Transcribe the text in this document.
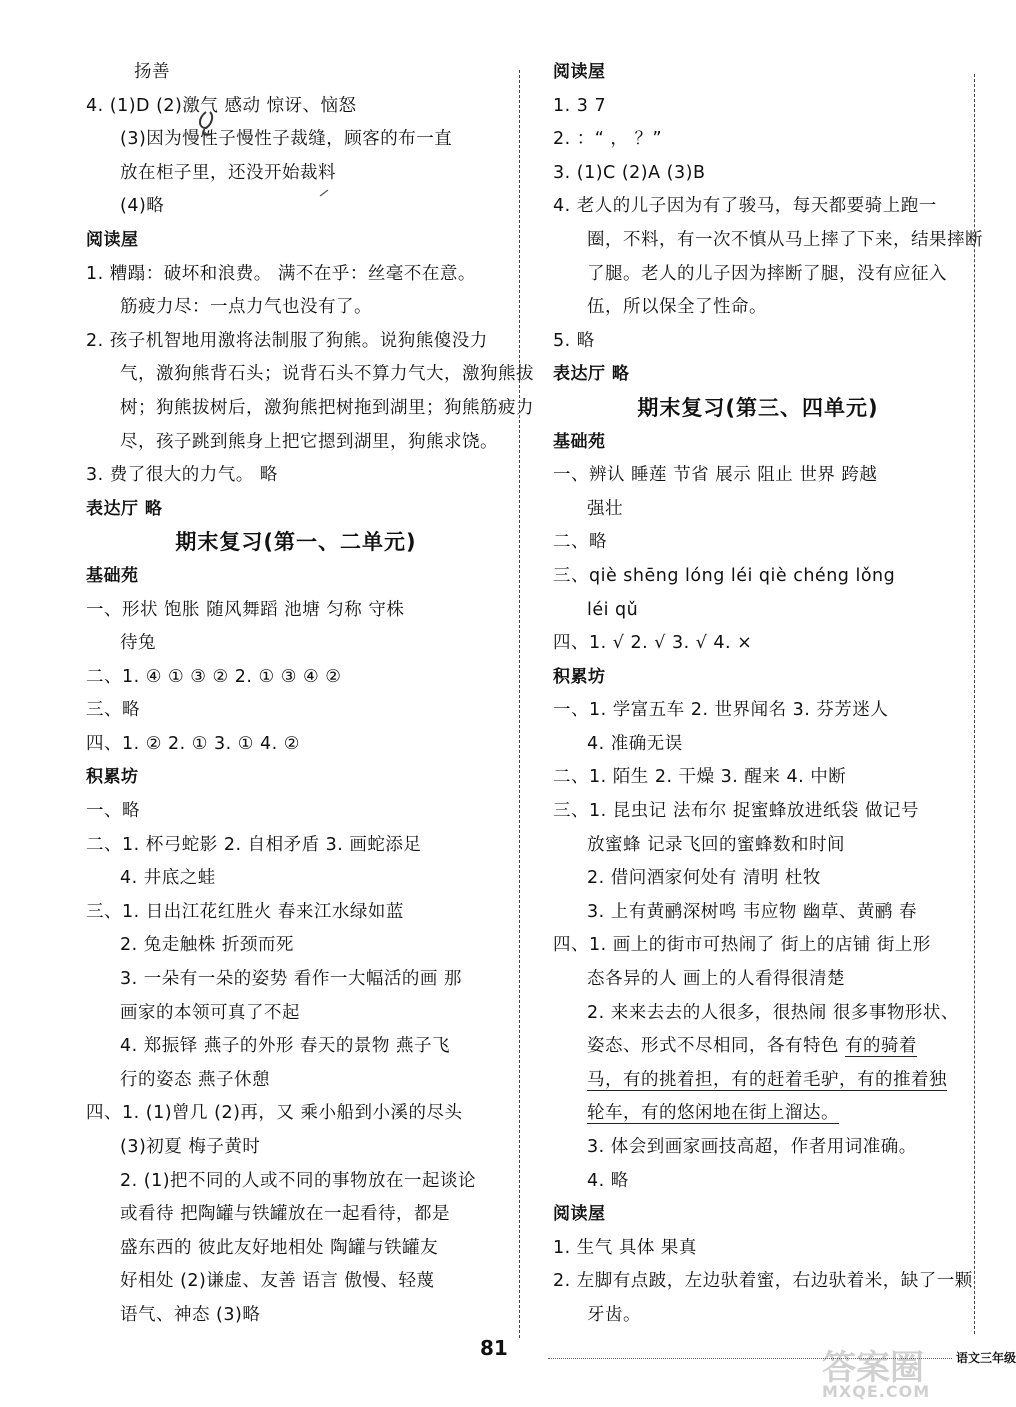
扬善
4. (1)D (2)激气 感动 惊讶、恼怒
(3)因为慢性子慢性子裁缝，顾客的布一直
放在柜子里，还没开始裁料
(4)略
阅读屋
1. 糟蹋：破坏和浪费。 满不在乎：丝毫不在意。
筋疲力尽：一点力气也没有了。
2. 孩子机智地用激将法制服了狗熊。说狗熊傻没力
气，激狗熊背石头；说背石头不算力气大，激狗熊拔
树；狗熊拔树后，激狗熊把树拖到湖里；狗熊筋疲力
尽，孩子跳到熊身上把它摁到湖里，狗熊求饶。
3. 费了很大的力气。 略
表达厅 略
期末复习(第一、二单元)
基础苑
一、形状 饱胀 随风舞蹈 池塘 匀称 守株
待兔
二、1. ④ ① ③ ② 2. ① ③ ④ ②
三、略
四、1. ② 2. ① 3. ① 4. ②
积累坊
一、略
二、1. 杯弓蛇影 2. 自相矛盾 3. 画蛇添足
4. 井底之蛙
三、1. 日出江花红胜火 春来江水绿如蓝
2. 兔走触株 折颈而死
3. 一朵有一朵的姿势 看作一大幅活的画 那
画家的本领可真了不起
4. 郑振铎 燕子的外形 春天的景物 燕子飞
行的姿态 燕子休憩
四、1. (1)曾几 (2)再，又 乘小船到小溪的尽头
(3)初夏 梅子黄时
2. (1)把不同的人或不同的事物放在一起谈论
或看待 把陶罐与铁罐放在一起看待，都是
盛东西的 彼此友好地相处 陶罐与铁罐友
好相处 (2)谦虚、友善 语言 傲慢、轻蔑
语气、神态 (3)略
阅读屋
1. 3 7
2. ：“ ， ？”
3. (1)C (2)A (3)B
4. 老人的儿子因为有了骏马，每天都要骑上跑一
圈，不料，有一次不慎从马上摔了下来，结果摔断
了腿。老人的儿子因为摔断了腿，没有应征入
伍，所以保全了性命。
5. 略
表达厅 略
期末复习(第三、四单元)
基础苑
一、辨认 睡莲 节省 展示 阻止 世界 跨越
强壮
二、略
三、qiè shēng lóng léi qiè chéng lǒng
léi qǔ
四、1. √ 2. √ 3. √ 4. ×
积累坊
一、1. 学富五车 2. 世界闻名 3. 芬芳迷人
4. 准确无误
二、1. 陌生 2. 干燥 3. 醒来 4. 中断
三、1. 昆虫记 法布尔 捉蜜蜂放进纸袋 做记号
放蜜蜂 记录飞回的蜜蜂数和时间
2. 借问酒家何处有 清明 杜牧
3. 上有黄鹂深树鸣 韦应物 幽草、黄鹂 春
四、1. 画上的街市可热闹了 街上的店铺 街上形
态各异的人 画上的人看得很清楚
2. 来来去去的人很多，很热闹 很多事物形状、
姿态、形式不尽相同，各有特色 有的骑着
马，有的挑着担，有的赶着毛驴，有的推着独
轮车，有的悠闲地在街上溜达。
3. 体会到画家画技高超，作者用词准确。
4. 略
阅读屋
1. 生气 具体 果真
2. 左脚有点跛，左边驮着蜜，右边驮着米，缺了一颗
牙齿。
81	语文三年级
答案圈
MXQE.COM
